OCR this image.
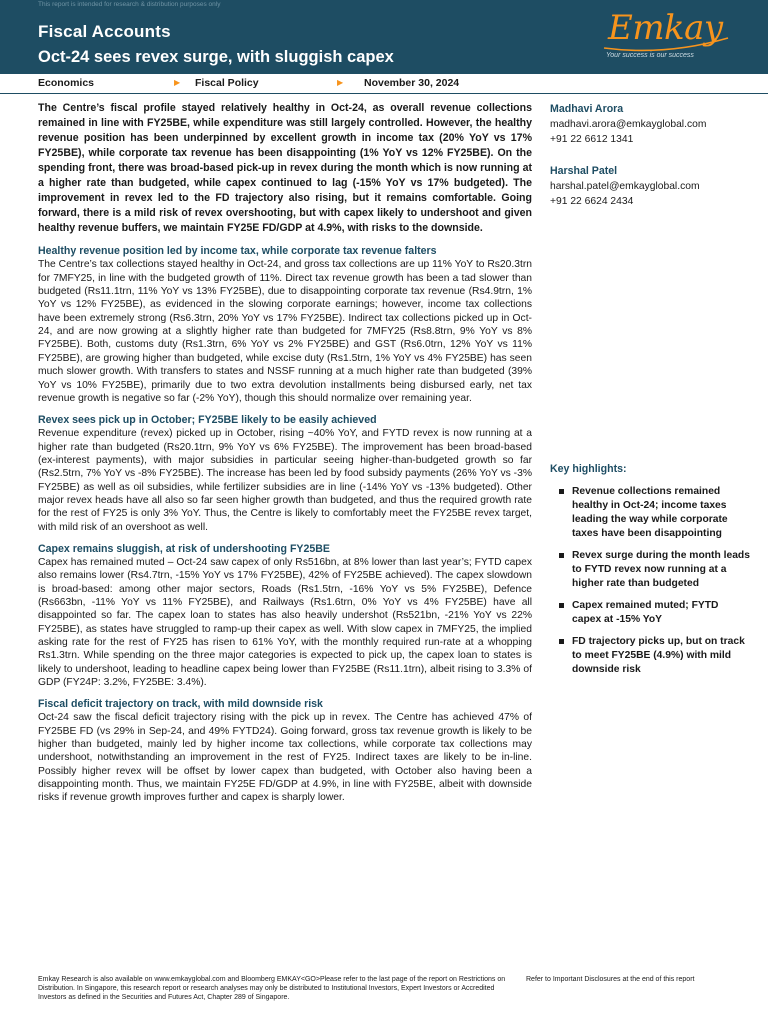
This report is intended for research & distribution purposes only
Fiscal Accounts
Oct-24 sees revex surge, with sluggish capex
Emkay
Your success is our success
Economics	▶ Fiscal Policy	▶ November 30, 2024

The Centre’s fiscal profile stayed relatively healthy in Oct-24, as overall revenue collections remained in line with FY25BE, while expenditure was still largely controlled. However, the healthy revenue position has been underpinned by excellent growth in income tax (20% YoY vs 17% FY25BE), while corporate tax revenue has been disappointing (1% YoY vs 12% FY25BE). On the spending front, there was broad-based pick-up in revex during the month which is now running at a higher rate than budgeted, while capex continued to lag (-15% YoY vs 17% budgeted). The improvement in revex led to the FD trajectory also rising, but it remains comfortable. Going forward, there is a mild risk of revex overshooting, but with capex likely to undershoot and given healthy revenue buffers, we maintain FY25E FD/GDP at 4.9%, with risks to the downside.

Healthy revenue position led by income tax, while corporate tax revenue falters

The Centre’s tax collections stayed healthy in Oct-24, and gross tax collections are up 11% YoY to Rs20.3trn for 7MFY25, in line with the budgeted growth of 11%. Direct tax revenue growth has been a tad slower than budgeted (Rs11.1trn, 11% YoY vs 13% FY25BE), due to disappointing corporate tax revenue (Rs4.9trn, 1% YoY vs 12% FY25BE), as evidenced in the slowing corporate earnings; however, income tax collections have been extremely strong (Rs6.3trn, 20% YoY vs 17% FY25BE). Indirect tax collections picked up in Oct-24, and are now growing at a slightly higher rate than budgeted for 7MFY25 (Rs8.8trn, 9% YoY vs 8% FY25BE). Both, customs duty (Rs1.3trn, 6% YoY vs 2% FY25BE) and GST (Rs6.0trn, 12% YoY vs 11% FY25BE), are growing higher than budgeted, while excise duty (Rs1.5trn, 1% YoY vs 4% FY25BE) has seen much slower growth. With transfers to states and NSSF running at a much higher rate than budgeted (39% YoY vs 10% FY25BE), primarily due to two extra devolution installments being disbursed early, net tax revenue growth is negative so far (-2% YoY), though this should normalize over remaining year.

Revex sees pick up in October; FY25BE likely to be easily achieved

Revenue expenditure (revex) picked up in October, rising ~40% YoY, and FYTD revex is now running at a higher rate than budgeted (Rs20.1trn, 9% YoY vs 6% FY25BE). The improvement has been broad-based (ex-interest payments), with major subsidies in particular seeing higher-than-budgeted growth so far (Rs2.5trn, 7% YoY vs -8% FY25BE). The increase has been led by food subsidy payments (26% YoY vs -3% FY25BE) as well as oil subsidies, while fertilizer subsidies are in line (-14% YoY vs -13% budgeted). Other major revex heads have all also so far seen higher growth than budgeted, and thus the required growth rate for the rest of FY25 is only 3% YoY. Thus, the Centre is likely to comfortably meet the FY25BE revex target, with mild risk of an overshoot as well.

Capex remains sluggish, at risk of undershooting FY25BE

Capex has remained muted – Oct-24 saw capex of only Rs516bn, at 8% lower than last year’s; FYTD capex also remains lower (Rs4.7trn, -15% YoY vs 17% FY25BE), 42% of FY25BE achieved). The capex slowdown is broad-based: among other major sectors, Roads (Rs1.5trn, -16% YoY vs 5% FY25BE), Defence (Rs663bn, -11% YoY vs 11% FY25BE), and Railways (Rs1.6trn, 0% YoY vs 4% FY25BE) have all disappointed so far. The capex loan to states has also heavily undershot (Rs521bn, -21% YoY vs 22% FY25BE), as states have struggled to ramp-up their capex as well. With slow capex in 7MFY25, the implied asking rate for the rest of FY25 has risen to 61% YoY, with the monthly required run-rate at a whopping Rs1.3trn. While spending on the three major categories is expected to pick up, the capex loan to states is likely to undershoot, leading to headline capex being lower than FY25BE (Rs11.1trn), albeit rising to 3.3% of GDP (FY24P: 3.2%, FY25BE: 3.4%).

Fiscal deficit trajectory on track, with mild downside risk

Oct-24 saw the fiscal deficit trajectory rising with the pick up in revex. The Centre has achieved 47% of FY25BE FD (vs 29% in Sep-24, and 49% FYTD24). Going forward, gross tax revenue growth is likely to be higher than budgeted, mainly led by higher income tax collections, while corporate tax collections may undershoot, notwithstanding an improvement in the rest of FY25. Indirect taxes are likely to be in-line. Possibly higher revex will be offset by lower capex than budgeted, with October also having been a disappointing month. Thus, we maintain FY25E FD/GDP at 4.9%, in line with FY25BE, albeit with downside risks if revenue growth improves further and capex is sharply lower.

Madhavi Arora
madhavi.arora@emkayglobal.com
+91 22 6612 1341
Harshal Patel
harshal.patel@emkayglobal.com
+91 22 6624 2434
Key highlights:
Revenue collections remained healthy in Oct-24; income taxes leading the way while corporate taxes have been disappointing
Revex surge during the month leads to FYTD revex now running at a higher rate than budgeted
Capex remained muted; FYTD capex at -15% YoY
FD trajectory picks up, but on track to meet FY25BE (4.9%) with mild downside risk
Emkay Research is also available on www.emkayglobal.com and Bloomberg EMKAY<GO>Please refer to the last page of the report on Restrictions on Distribution. In Singapore, this research report or research analyses may only be distributed to Institutional Investors, Expert Investors or Accredited Investors as defined in the Securities and Futures Act, Chapter 289 of Singapore.
Refer to Important Disclosures at the end of this report
